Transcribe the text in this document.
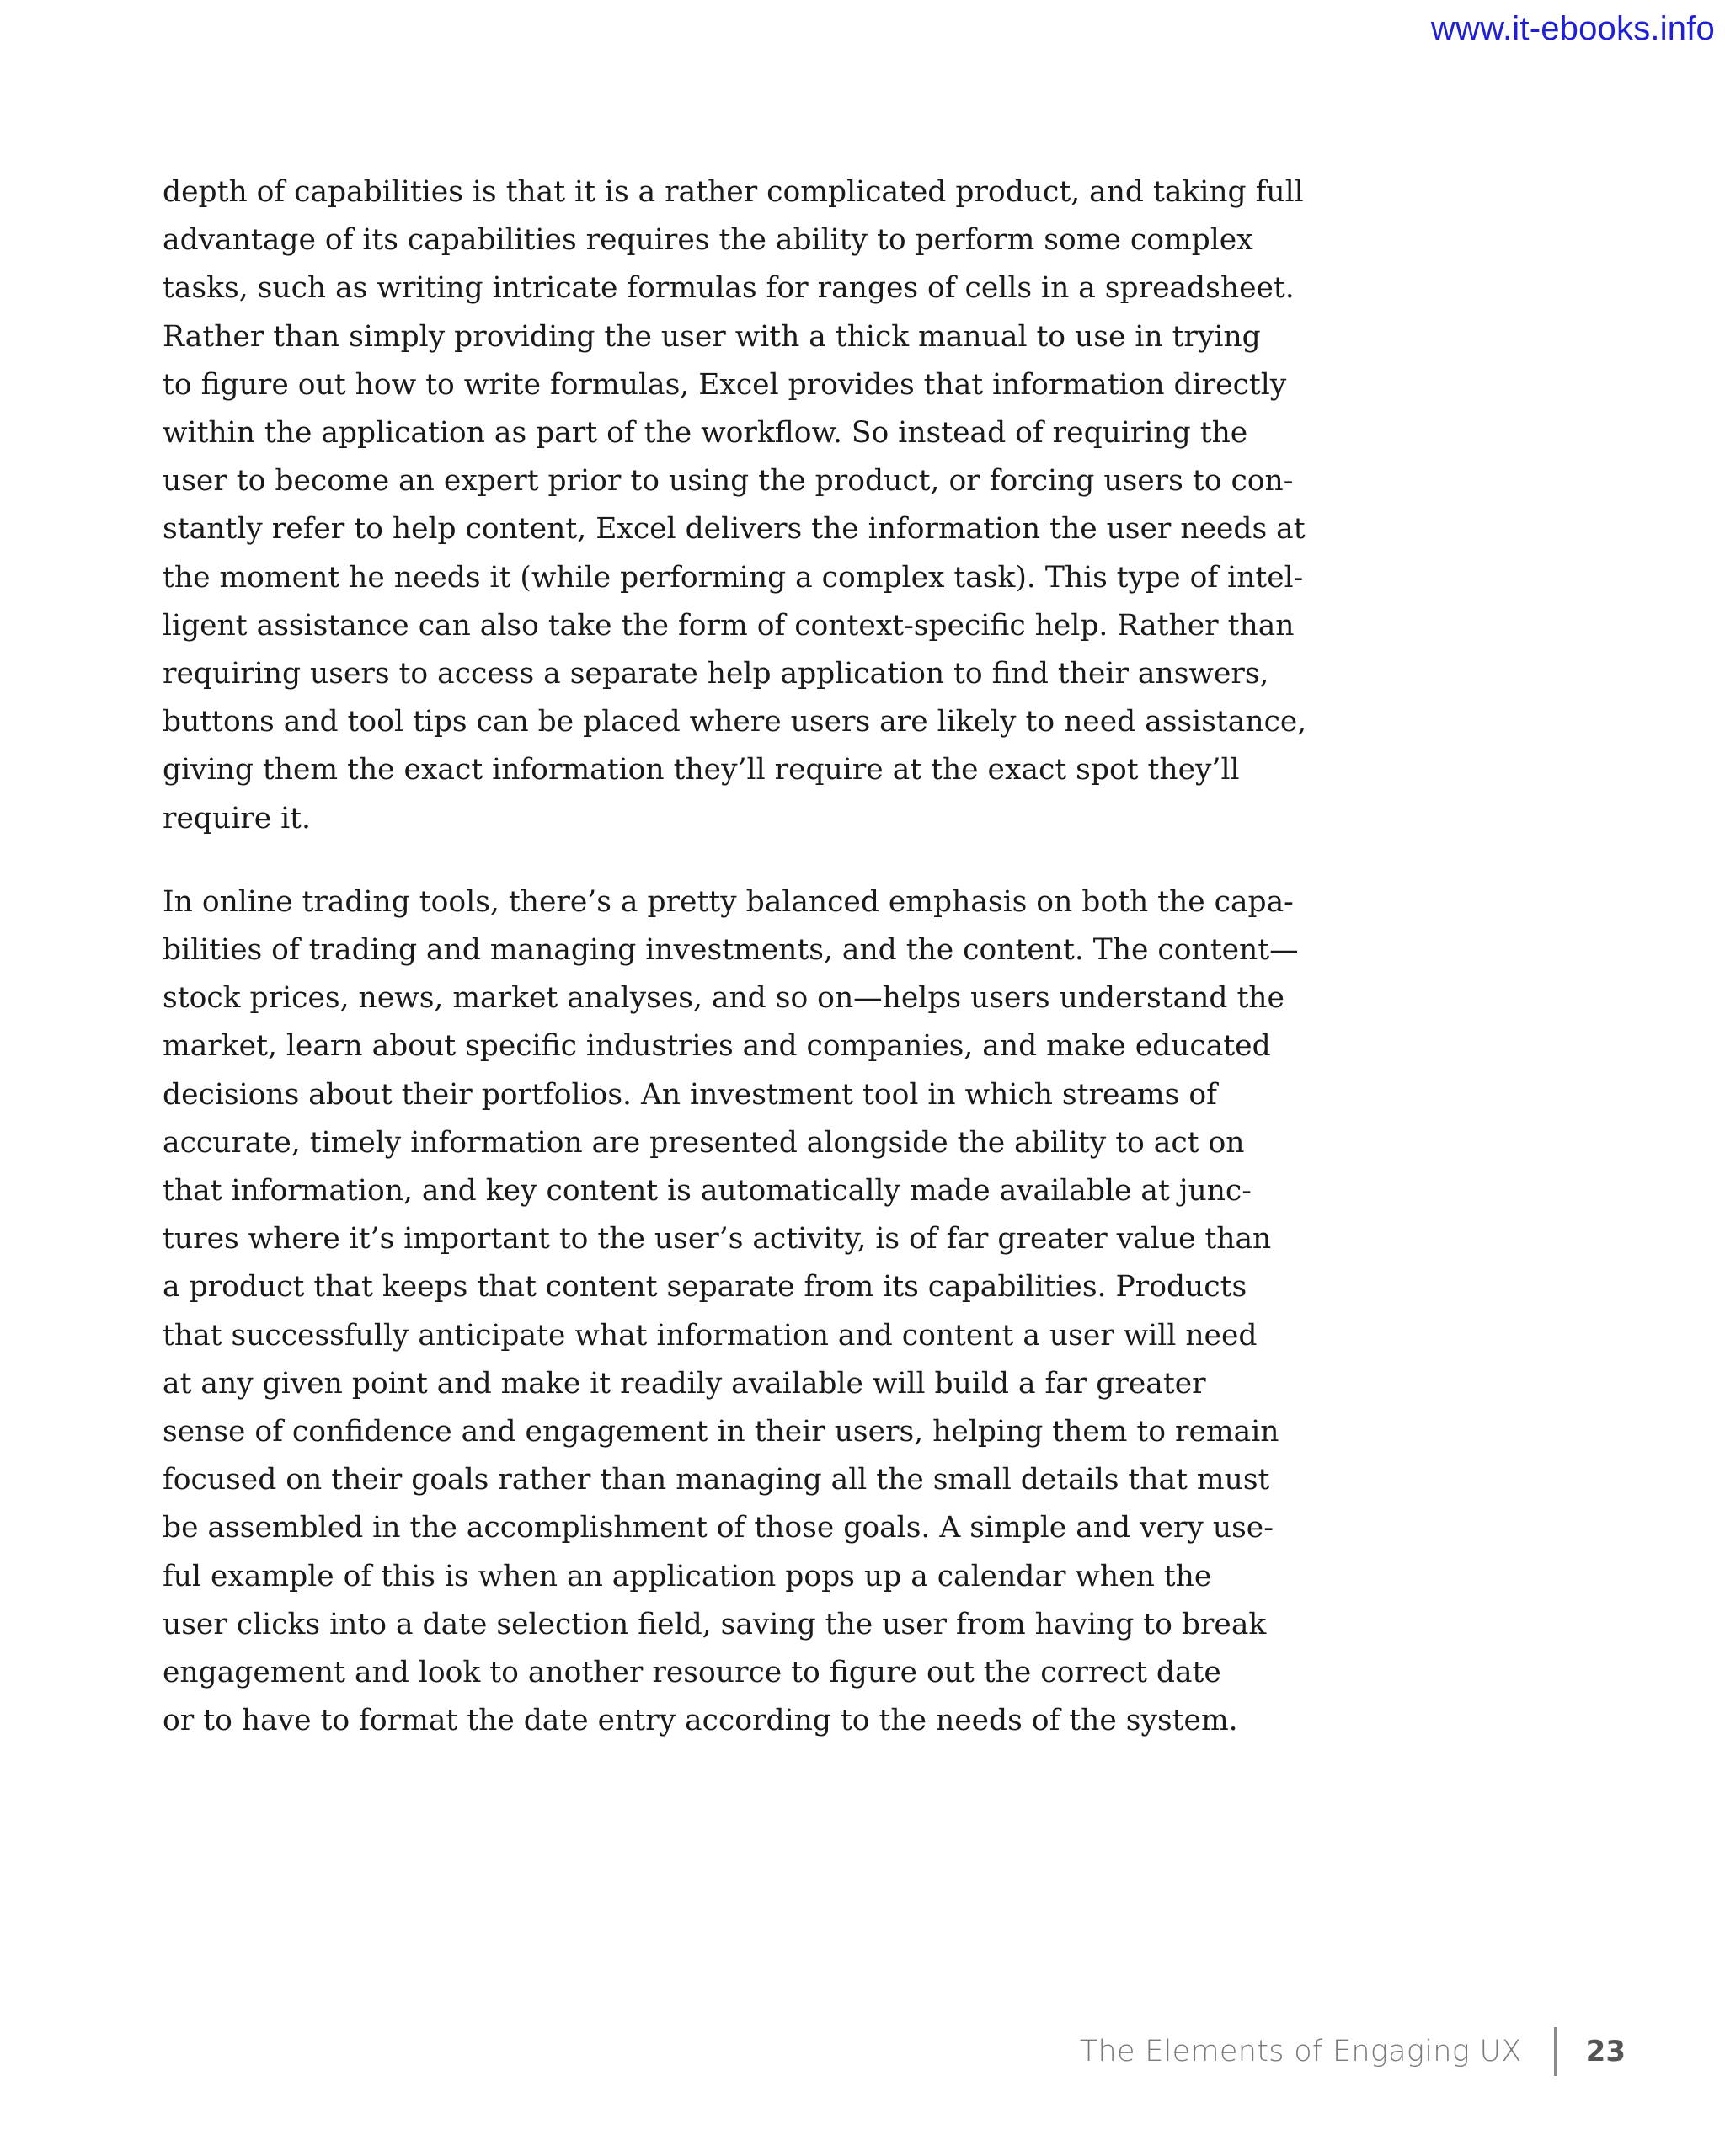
www.it-ebooks.info
depth of capabilities is that it is a rather complicated product, and taking full
advantage of its capabilities requires the ability to perform some complex
tasks, such as writing intricate formulas for ranges of cells in a spreadsheet.
Rather than simply providing the user with a thick manual to use in trying
to figure out how to write formulas, Excel provides that information directly
within the application as part of the workflow. So instead of requiring the
user to become an expert prior to using the product, or forcing users to con-
stantly refer to help content, Excel delivers the information the user needs at
the moment he needs it (while performing a complex task). This type of intel-
ligent assistance can also take the form of context-specific help. Rather than
requiring users to access a separate help application to find their answers,
buttons and tool tips can be placed where users are likely to need assistance,
giving them the exact information they’ll require at the exact spot they’ll
require it.
In online trading tools, there’s a pretty balanced emphasis on both the capa-
bilities of trading and managing investments, and the content. The content—
stock prices, news, market analyses, and so on—helps users understand the
market, learn about specific industries and companies, and make educated
decisions about their portfolios. An investment tool in which streams of
accurate, timely information are presented alongside the ability to act on
that information, and key content is automatically made available at junc-
tures where it’s important to the user’s activity, is of far greater value than
a product that keeps that content separate from its capabilities. Products
that successfully anticipate what information and content a user will need
at any given point and make it readily available will build a far greater
sense of confidence and engagement in their users, helping them to remain
focused on their goals rather than managing all the small details that must
be assembled in the accomplishment of those goals. A simple and very use-
ful example of this is when an application pops up a calendar when the
user clicks into a date selection field, saving the user from having to break
engagement and look to another resource to figure out the correct date
or to have to format the date entry according to the needs of the system.
The Elements of Engaging UX 23
